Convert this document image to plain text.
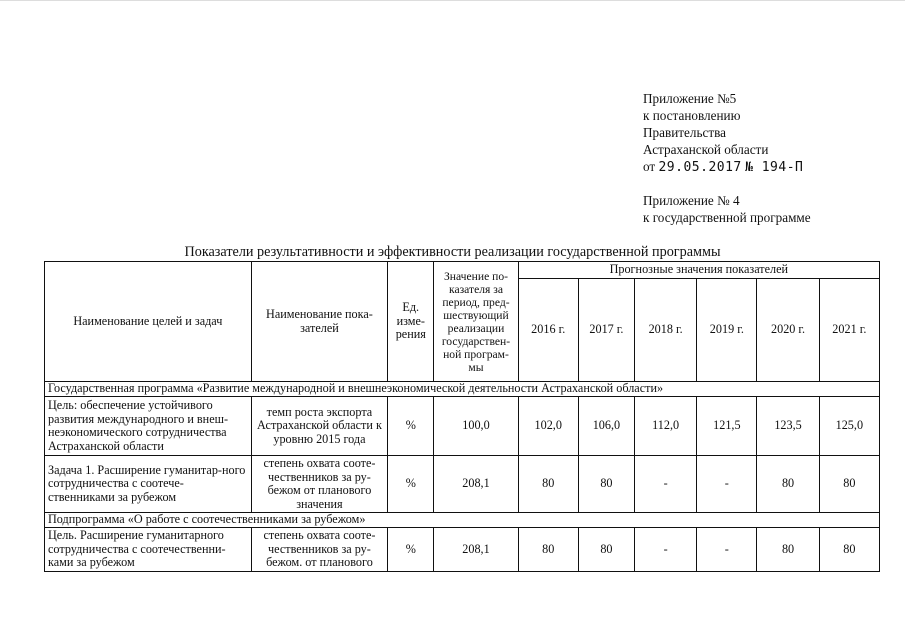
Приложение №5
к постановлению
Правительства
Астраханской области
от 29.05.2017 № 194-П
Приложение № 4
к государственной программе
Показатели результативности и эффективности реализации государственной программы
Наименование целей и задач	Наименование пока-зателей	Ед. изме-рения	Значение по-казателя за период, пред-шествующий реализации государствен-ной програм-мы	Прогнозные значения показателей					
				2016 г.	2017 г.	2018 г.	2019 г.	2020 г.	2021 г.
Государственная программа «Развитие международной и внешнеэкономической деятельности Астраханской области»									
Цель: обеспечение устойчивого развития международного и внеш-неэкономического сотрудничества Астраханской области	темп роста экспорта Астраханской области к уровню 2015 года	%	100,0	102,0	106,0	112,0	121,5	123,5	125,0
Задача 1. Расширение гуманитар-ного сотрудничества с соотече-ственниками за рубежом	степень охвата сооте-чественников за ру-бежом от планового значения	%	208,1	80	80	-	-	80	80
Подпрограмма «О работе с соотечественниками за рубежом»									
Цель. Расширение гуманитарного сотрудничества с соотечественни-ками за рубежом	степень охвата сооте-чественников за ру-бежом. от планового	%	208,1	80	80	-	-	80	80
